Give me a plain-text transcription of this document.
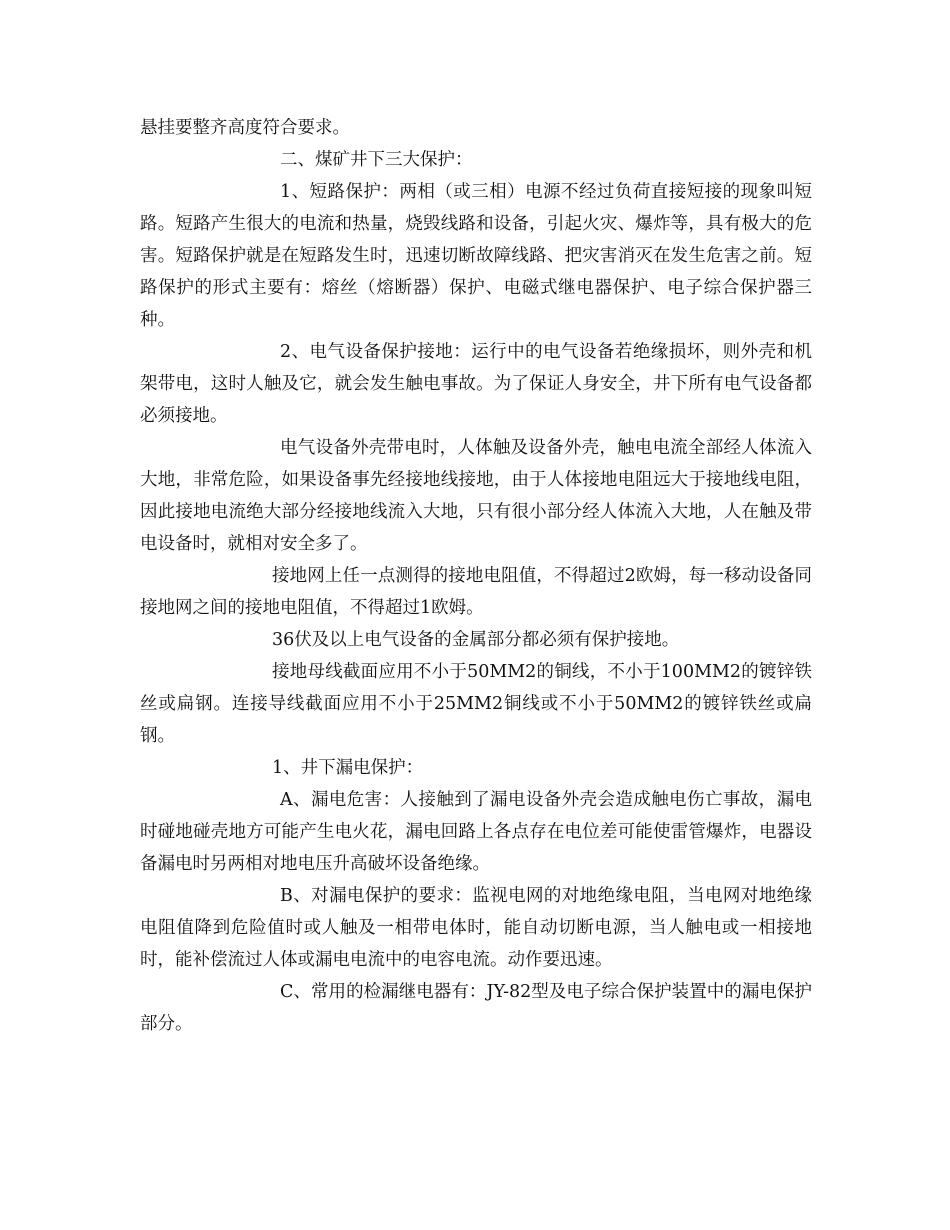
悬挂要整齐高度符合要求。

二、煤矿井下三大保护：

1、短路保护：两相（或三相）电源不经过负荷直接短接的现象叫短路。短路产生很大的电流和热量，烧毁线路和设备，引起火灾、爆炸等，具有极大的危害。短路保护就是在短路发生时，迅速切断故障线路、把灾害消灭在发生危害之前。短路保护的形式主要有：熔丝（熔断器）保护、电磁式继电器保护、电子综合保护器三种。

2、电气设备保护接地：运行中的电气设备若绝缘损坏，则外壳和机架带电，这时人触及它，就会发生触电事故。为了保证人身安全，井下所有电气设备都必须接地。

电气设备外壳带电时，人体触及设备外壳，触电电流全部经人体流入大地，非常危险，如果设备事先经接地线接地，由于人体接地电阻远大于接地线电阻，因此接地电流绝大部分经接地线流入大地，只有很小部分经人体流入大地，人在触及带电设备时，就相对安全多了。

接地网上任一点测得的接地电阻值，不得超过2欧姆，每一移动设备同接地网之间的接地电阻值，不得超过1欧姆。

36伏及以上电气设备的金属部分都必须有保护接地。

接地母线截面应用不小于50MM2的铜线，不小于100MM2的镀锌铁丝或扁钢。连接导线截面应用不小于25MM2铜线或不小于50MM2的镀锌铁丝或扁钢。

1、井下漏电保护：

A、漏电危害：人接触到了漏电设备外壳会造成触电伤亡事故，漏电时碰地碰壳地方可能产生电火花，漏电回路上各点存在电位差可能使雷管爆炸，电器设备漏电时另两相对地电压升高破坏设备绝缘。

B、对漏电保护的要求：监视电网的对地绝缘电阻，当电网对地绝缘电阻值降到危险值时或人触及一相带电体时，能自动切断电源，当人触电或一相接地时，能补偿流过人体或漏电电流中的电容电流。动作要迅速。

C、常用的检漏继电器有：JY-82型及电子综合保护装置中的漏电保护部分。
